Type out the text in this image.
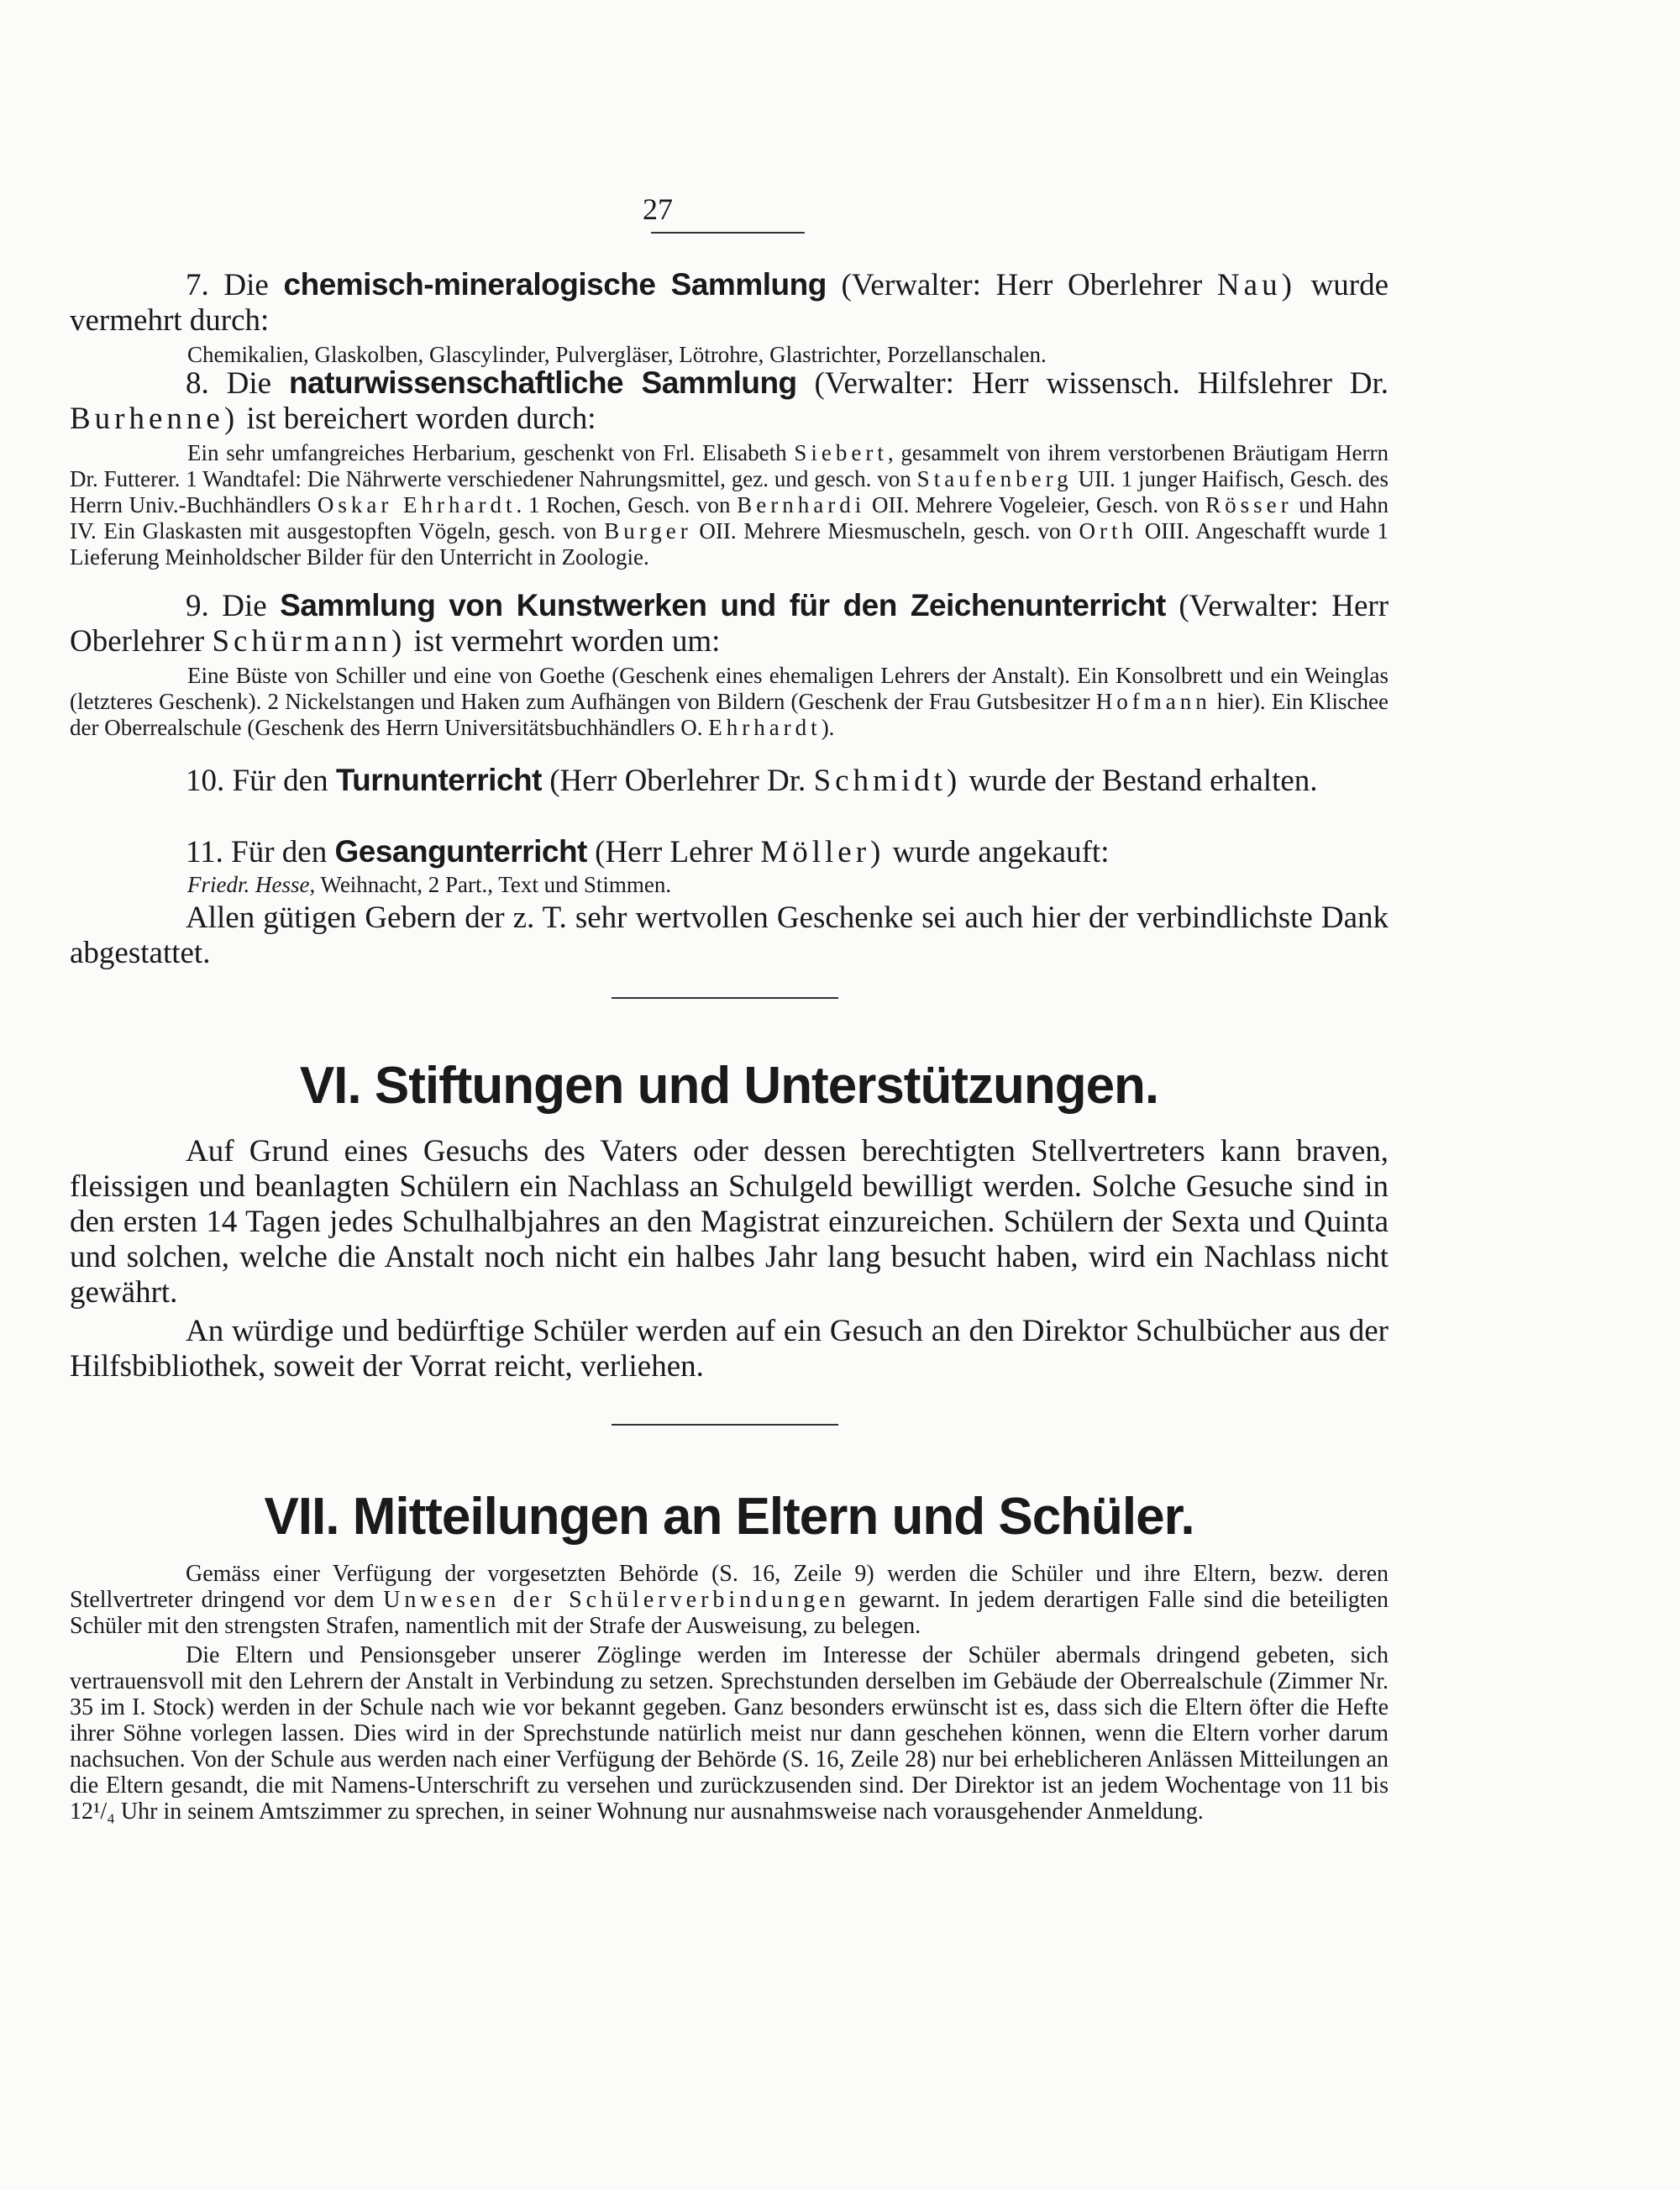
27

7. Die chemisch-mineralogische Sammlung (Verwalter: Herr Oberlehrer Nau) wurde vermehrt durch:

Chemikalien, Glaskolben, Glascylinder, Pulvergläser, Lötrohre, Glastrichter, Porzellanschalen.

8. Die naturwissenschaftliche Sammlung (Verwalter: Herr wissensch. Hilfslehrer Dr. Burhenne) ist bereichert worden durch:

Ein sehr umfangreiches Herbarium, geschenkt von Frl. Elisabeth Siebert, gesammelt von ihrem verstorbenen Bräutigam Herrn Dr. Futterer. 1 Wandtafel: Die Nährwerte verschiedener Nahrungsmittel, gez. und gesch. von Staufenberg UII. 1 junger Haifisch, Gesch. des Herrn Univ.-Buchhändlers Oskar Ehrhardt. 1 Rochen, Gesch. von Bernhardi OII. Mehrere Vogeleier, Gesch. von Rösser und Hahn IV. Ein Glaskasten mit ausgestopften Vögeln, gesch. von Burger OII. Mehrere Miesmuscheln, gesch. von Orth OIII. Angeschafft wurde 1 Lieferung Meinholdscher Bilder für den Unterricht in Zoologie.

9. Die Sammlung von Kunstwerken und für den Zeichenunterricht (Verwalter: Herr Oberlehrer Schürmann) ist vermehrt worden um:

Eine Büste von Schiller und eine von Goethe (Geschenk eines ehemaligen Lehrers der Anstalt). Ein Konsolbrett und ein Weinglas (letzteres Geschenk). 2 Nickelstangen und Haken zum Aufhängen von Bildern (Geschenk der Frau Gutsbesitzer Hofmann hier). Ein Klischee der Oberrealschule (Geschenk des Herrn Universitätsbuchhändlers O. Ehrhardt).

10. Für den Turnunterricht (Herr Oberlehrer Dr. Schmidt) wurde der Bestand erhalten.

11. Für den Gesangunterricht (Herr Lehrer Möller) wurde angekauft:

Friedr. Hesse, Weihnacht, 2 Part., Text und Stimmen.

Allen gütigen Gebern der z. T. sehr wertvollen Geschenke sei auch hier der verbindlichste Dank abgestattet.

VI. Stiftungen und Unterstützungen.

Auf Grund eines Gesuchs des Vaters oder dessen berechtigten Stellvertreters kann braven, fleissigen und beanlagten Schülern ein Nachlass an Schulgeld bewilligt werden. Solche Gesuche sind in den ersten 14 Tagen jedes Schulhalbjahres an den Magistrat einzureichen. Schülern der Sexta und Quinta und solchen, welche die Anstalt noch nicht ein halbes Jahr lang besucht haben, wird ein Nachlass nicht gewährt.

An würdige und bedürftige Schüler werden auf ein Gesuch an den Direktor Schulbücher aus der Hilfsbibliothek, soweit der Vorrat reicht, verliehen.

VII. Mitteilungen an Eltern und Schüler.

Gemäss einer Verfügung der vorgesetzten Behörde (S. 16, Zeile 9) werden die Schüler und ihre Eltern, bezw. deren Stellvertreter dringend vor dem Unwesen der Schülerverbindungen gewarnt. In jedem derartigen Falle sind die beteiligten Schüler mit den strengsten Strafen, namentlich mit der Strafe der Ausweisung, zu belegen.

Die Eltern und Pensionsgeber unserer Zöglinge werden im Interesse der Schüler abermals dringend gebeten, sich vertrauensvoll mit den Lehrern der Anstalt in Verbindung zu setzen. Sprechstunden derselben im Gebäude der Oberrealschule (Zimmer Nr. 35 im I. Stock) werden in der Schule nach wie vor bekannt gegeben. Ganz besonders erwünscht ist es, dass sich die Eltern öfter die Hefte ihrer Söhne vorlegen lassen. Dies wird in der Sprechstunde natürlich meist nur dann geschehen können, wenn die Eltern vorher darum nachsuchen. Von der Schule aus werden nach einer Verfügung der Behörde (S. 16, Zeile 28) nur bei erheblicheren Anlässen Mitteilungen an die Eltern gesandt, die mit Namens-Unterschrift zu versehen und zurückzusenden sind. Der Direktor ist an jedem Wochentage von 11 bis 12¹/₄ Uhr in seinem Amtszimmer zu sprechen, in seiner Wohnung nur ausnahmsweise nach vorausgehender Anmeldung.
